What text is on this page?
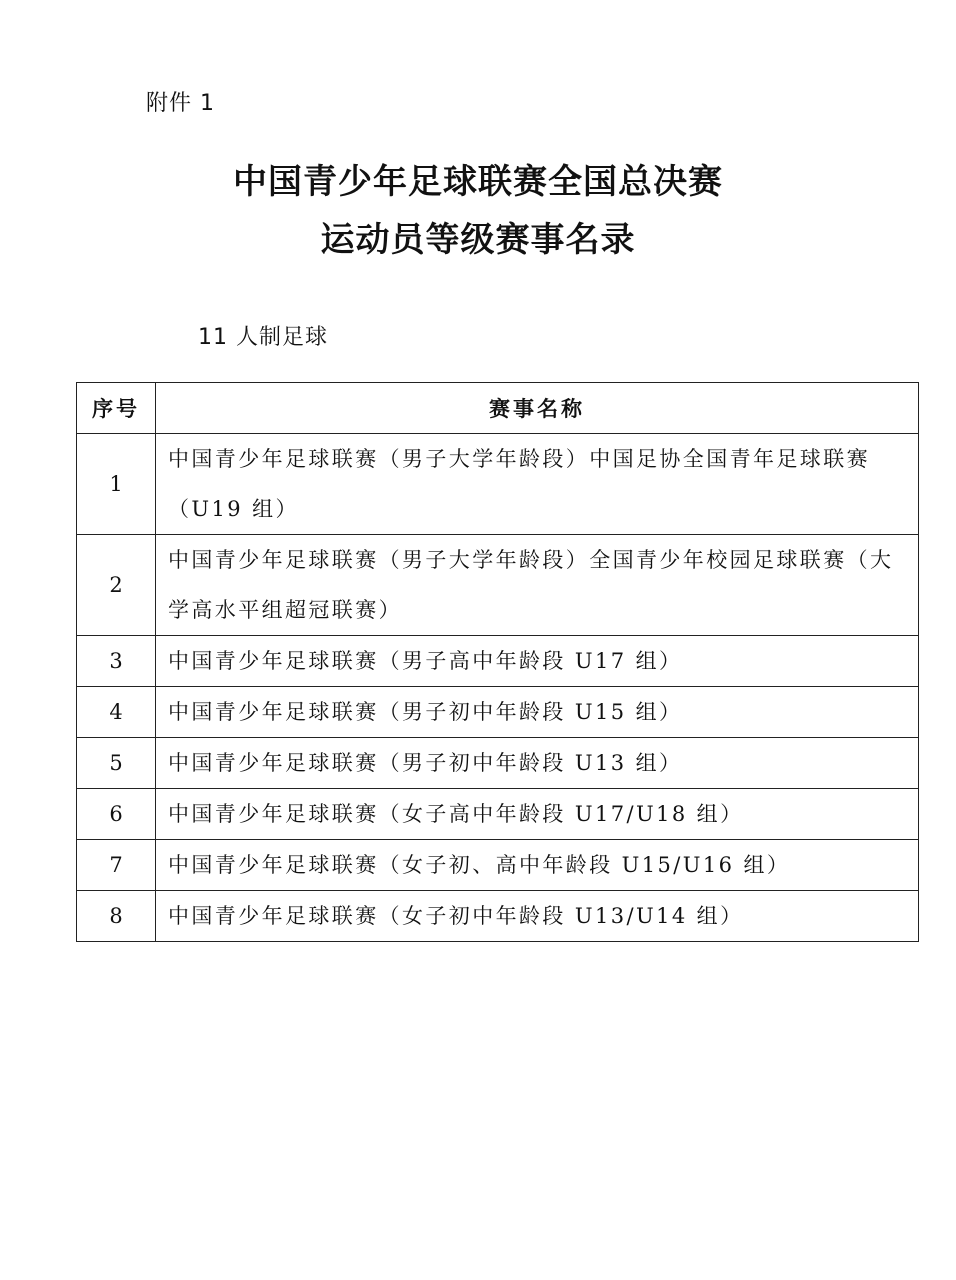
附件 1
中国青少年足球联赛全国总决赛
运动员等级赛事名录
11 人制足球
序号	赛事名称
1	中国青少年足球联赛（男子大学年龄段）中国足协全国青年足球联赛（U19 组）
2	中国青少年足球联赛（男子大学年龄段）全国青少年校园足球联赛（大学高水平组超冠联赛）
3	中国青少年足球联赛（男子高中年龄段 U17 组）
4	中国青少年足球联赛（男子初中年龄段 U15 组）
5	中国青少年足球联赛（男子初中年龄段 U13 组）
6	中国青少年足球联赛（女子高中年龄段 U17/U18 组）
7	中国青少年足球联赛（女子初、高中年龄段 U15/U16 组）
8	中国青少年足球联赛（女子初中年龄段 U13/U14 组）
